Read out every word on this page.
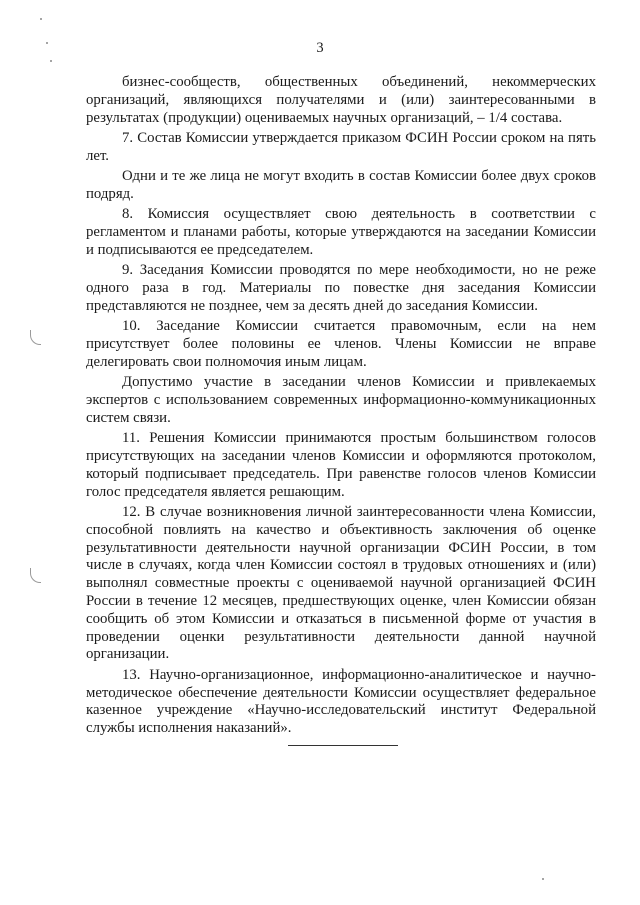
3

бизнес-сообществ, общественных объединений, некоммерческих организаций, являющихся получателями и (или) заинтересованными в результатах (продукции) оцениваемых научных организаций, – 1/4 состава.

7. Состав Комиссии утверждается приказом ФСИН России сроком на пять лет.

Одни и те же лица не могут входить в состав Комиссии более двух сроков подряд.

8. Комиссия осуществляет свою деятельность в соответствии с регламентом и планами работы, которые утверждаются на заседании Комиссии и подписываются ее председателем.

9. Заседания Комиссии проводятся по мере необходимости, но не реже одного раза в год. Материалы по повестке дня заседания Комиссии представляются не позднее, чем за десять дней до заседания Комиссии.

10. Заседание Комиссии считается правомочным, если на нем присутствует более половины ее членов. Члены Комиссии не вправе делегировать свои полномочия иным лицам.

Допустимо участие в заседании членов Комиссии и привлекаемых экспертов с использованием современных информационно-коммуникационных систем связи.

11. Решения Комиссии принимаются простым большинством голосов присутствующих на заседании членов Комиссии и оформляются протоколом, который подписывает председатель. При равенстве голосов членов Комиссии голос председателя является решающим.

12. В случае возникновения личной заинтересованности члена Комиссии, способной повлиять на качество и объективность заключения об оценке результативности деятельности научной организации ФСИН России, в том числе в случаях, когда член Комиссии состоял в трудовых отношениях и (или) выполнял совместные проекты с оцениваемой научной организацией ФСИН России в течение 12 месяцев, предшествующих оценке, член Комиссии обязан сообщить об этом Комиссии и отказаться в письменной форме от участия в проведении оценки результативности деятельности данной научной организации.

13. Научно-организационное, информационно-аналитическое и научно-методическое обеспечение деятельности Комиссии осуществляет федеральное казенное учреждение «Научно-исследовательский институт Федеральной службы исполнения наказаний».
